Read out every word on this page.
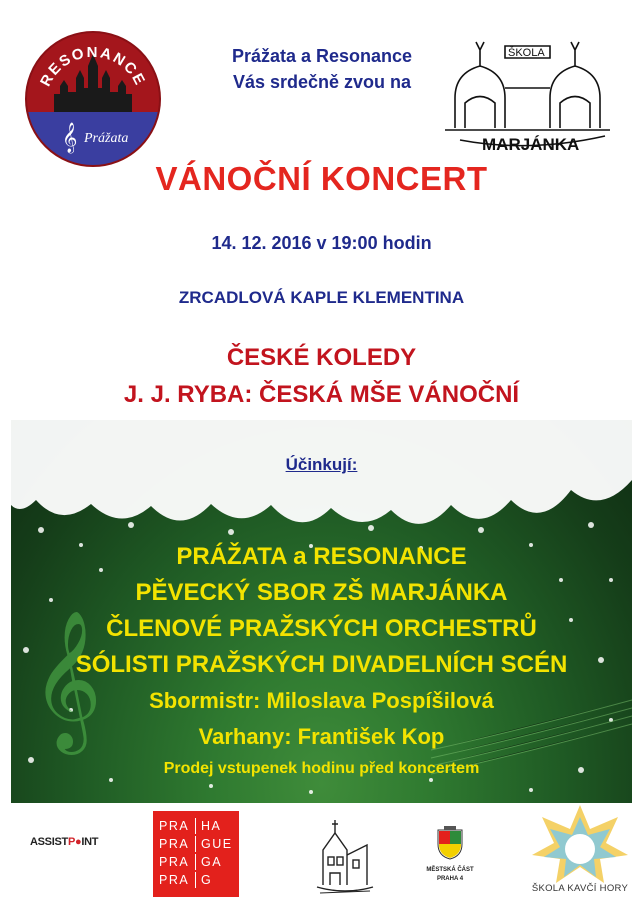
RESONANCE
Prážata
𝄞
Prážata a Resonance
Vás srdečně zvou na
ŠKOLA
MARJÁNKA
VÁNOČNÍ KONCERT
14. 12. 2016 v 19:00 hodin
ZRCADLOVÁ KAPLE KLEMENTINA
ČESKÉ KOLEDY
J. J. RYBA: ČESKÁ MŠE VÁNOČNÍ
𝄞
Účinkují:
PRÁŽATA a RESONANCE
PĚVECKÝ SBOR ZŠ MARJÁNKA
ČLENOVÉ PRAŽSKÝCH ORCHESTRŮ
SÓLISTI PRAŽSKÝCH DIVADELNÍCH SCÉN
Sbormistr: Miloslava Pospíšilová
Varhany: František Kop
Prodej vstupenek hodinu před koncertem
ASSISTP●INT
PRA HA
PRA GUE
PRA GA
PRA G
MĚSTSKÁ ČÁST
PRAHA 4
ŠKOLA KAVČÍ HORY
